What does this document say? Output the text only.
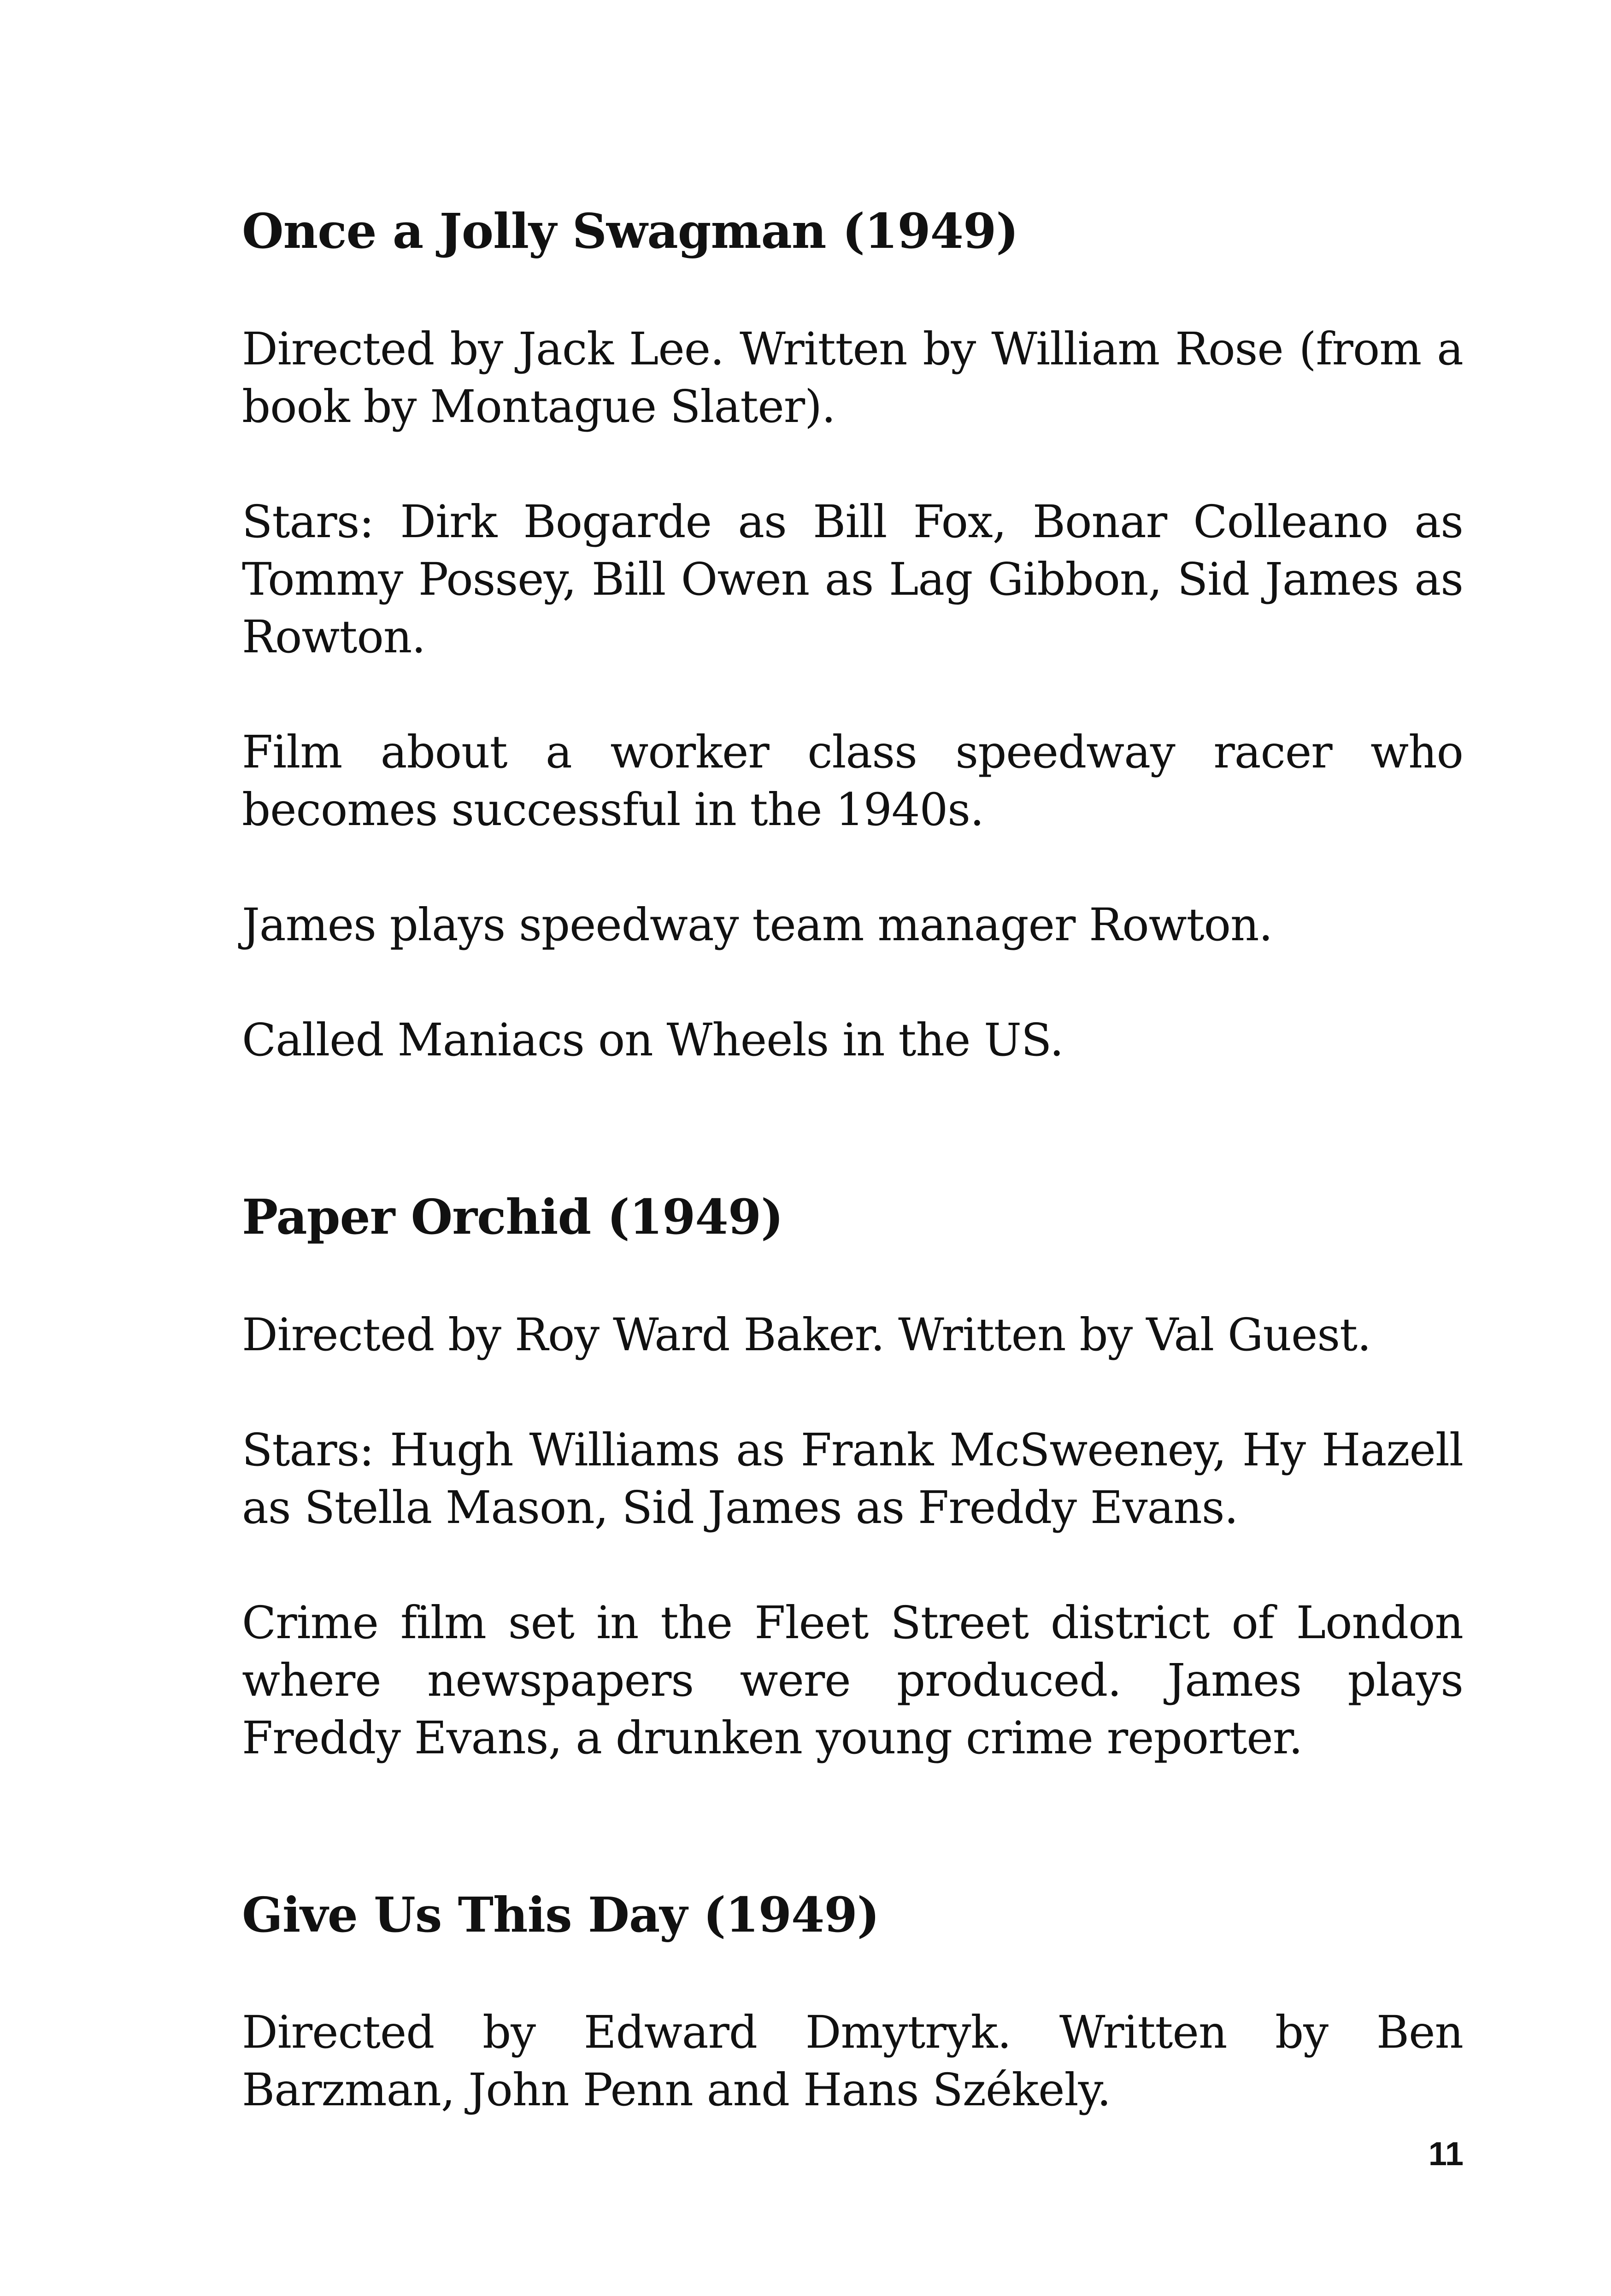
Once a Jolly Swagman (1949)

Directed by Jack Lee. Written by William Rose (from a book by Montague Slater).

Stars: Dirk Bogarde as Bill Fox, Bonar Colleano as Tommy Possey, Bill Owen as Lag Gibbon, Sid James as Rowton.

Film about a worker class speedway racer who becomes successful in the 1940s.

James plays speedway team manager Rowton.

Called Maniacs on Wheels in the US.

Paper Orchid (1949)

Directed by Roy Ward Baker. Written by Val Guest.

Stars: Hugh Williams as Frank McSweeney, Hy Hazell as Stella Mason, Sid James as Freddy Evans.

Crime film set in the Fleet Street district of London where newspapers were produced. James plays Freddy Evans, a drunken young crime reporter.

Give Us This Day (1949)

Directed by Edward Dmytryk. Written by Ben Barzman, John Penn and Hans Székely.

11
